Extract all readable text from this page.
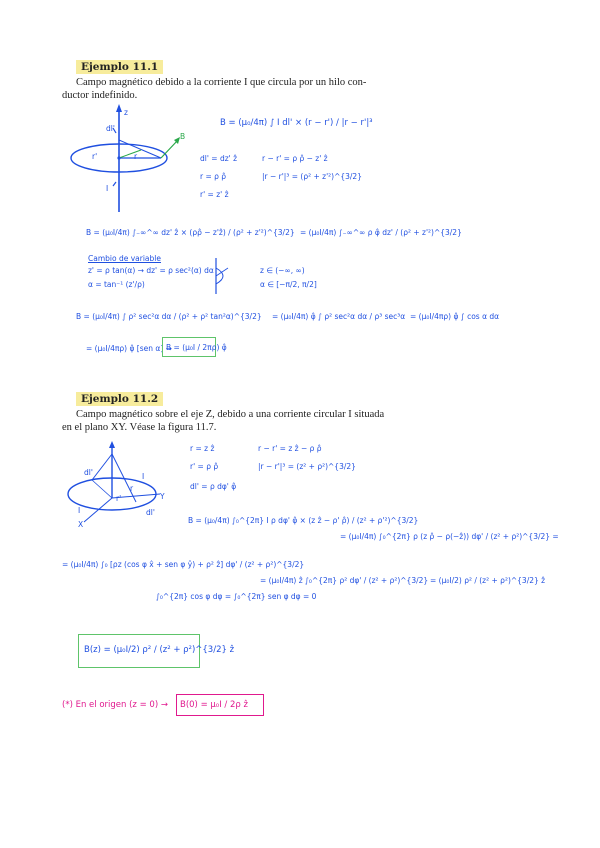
Ejemplo 11.1

Campo magnético debido a la corriente I que circula por un hilo con-

ductor indefinido.

z
dl'
r'	r
B
I
B = (μ₀/4π) ∫ I dl' × (r − r') / |r − r'|³
dl' = dz' ẑ	r − r' = ρ ρ̂ − z' ẑ
r = ρ ρ̂	|r − r'|³ = (ρ² + z'²)^{3/2}
r' = z' ẑ
B = (μ₀I/4π) ∫₋∞^∞ dz' ẑ × (ρρ̂ − z'ẑ) / (ρ² + z'²)^{3/2} = (μ₀I/4π) ∫₋∞^∞ ρ φ̂ dz' / (ρ² + z'²)^{3/2}
Cambio de variable
z' = ρ tan(α) → dz' = ρ sec²(α) dα
α = tan⁻¹ (z'/ρ)
z ∈ (−∞, ∞)
α ∈ [−π/2, π/2]
B = (μ₀I/4π) ∫ ρ² sec²α dα / (ρ² + ρ² tan²α)^{3/2} = (μ₀I/4π) φ̂ ∫ ρ² sec²α dα / ρ³ sec³α = (μ₀I/4πρ) φ̂ ∫ cos α dα
= (μ₀I/4πρ) φ̂ [sen α] →
B = (μ₀I / 2πρ) φ̂
Ejemplo 11.2

Campo magnético sobre el eje Z, debido a una corriente circular I situada

en el plano XY. Véase la figura 11.7.

dl'	I
r'
r
Y
I
X
dl'
r = z ẑ	r − r' = z ẑ − ρ ρ̂
r' = ρ ρ̂	|r − r'|³ = (z² + ρ²)^{3/2}
dl' = ρ dφ' φ̂
B = (μ₀/4π) ∫₀^{2π} I ρ dφ' φ̂ × (z ẑ − ρ' ρ̂) / (z² + ρ'²)^{3/2}
= (μ₀I/4π) ∫₀^{2π} ρ (z ρ̂ − ρ(−ẑ)) dφ' / (z² + ρ²)^{3/2} =
= (μ₀I/4π) ∫₀ [ρz (cos φ x̂ + sen φ ŷ) + ρ² ẑ] dφ' / (z² + ρ²)^{3/2}
= (μ₀I/4π) ẑ ∫₀^{2π} ρ² dφ' / (z² + ρ²)^{3/2} = (μ₀I/2) ρ² / (z² + ρ²)^{3/2} ẑ
∫₀^{2π} cos φ dφ = ∫₀^{2π} sen φ dφ = 0
B(z) = (μ₀I/2) ρ² / (z² + ρ²)^{3/2} ẑ
(*) En el origen (z = 0) → B(0) = μ₀I / 2ρ ẑ
